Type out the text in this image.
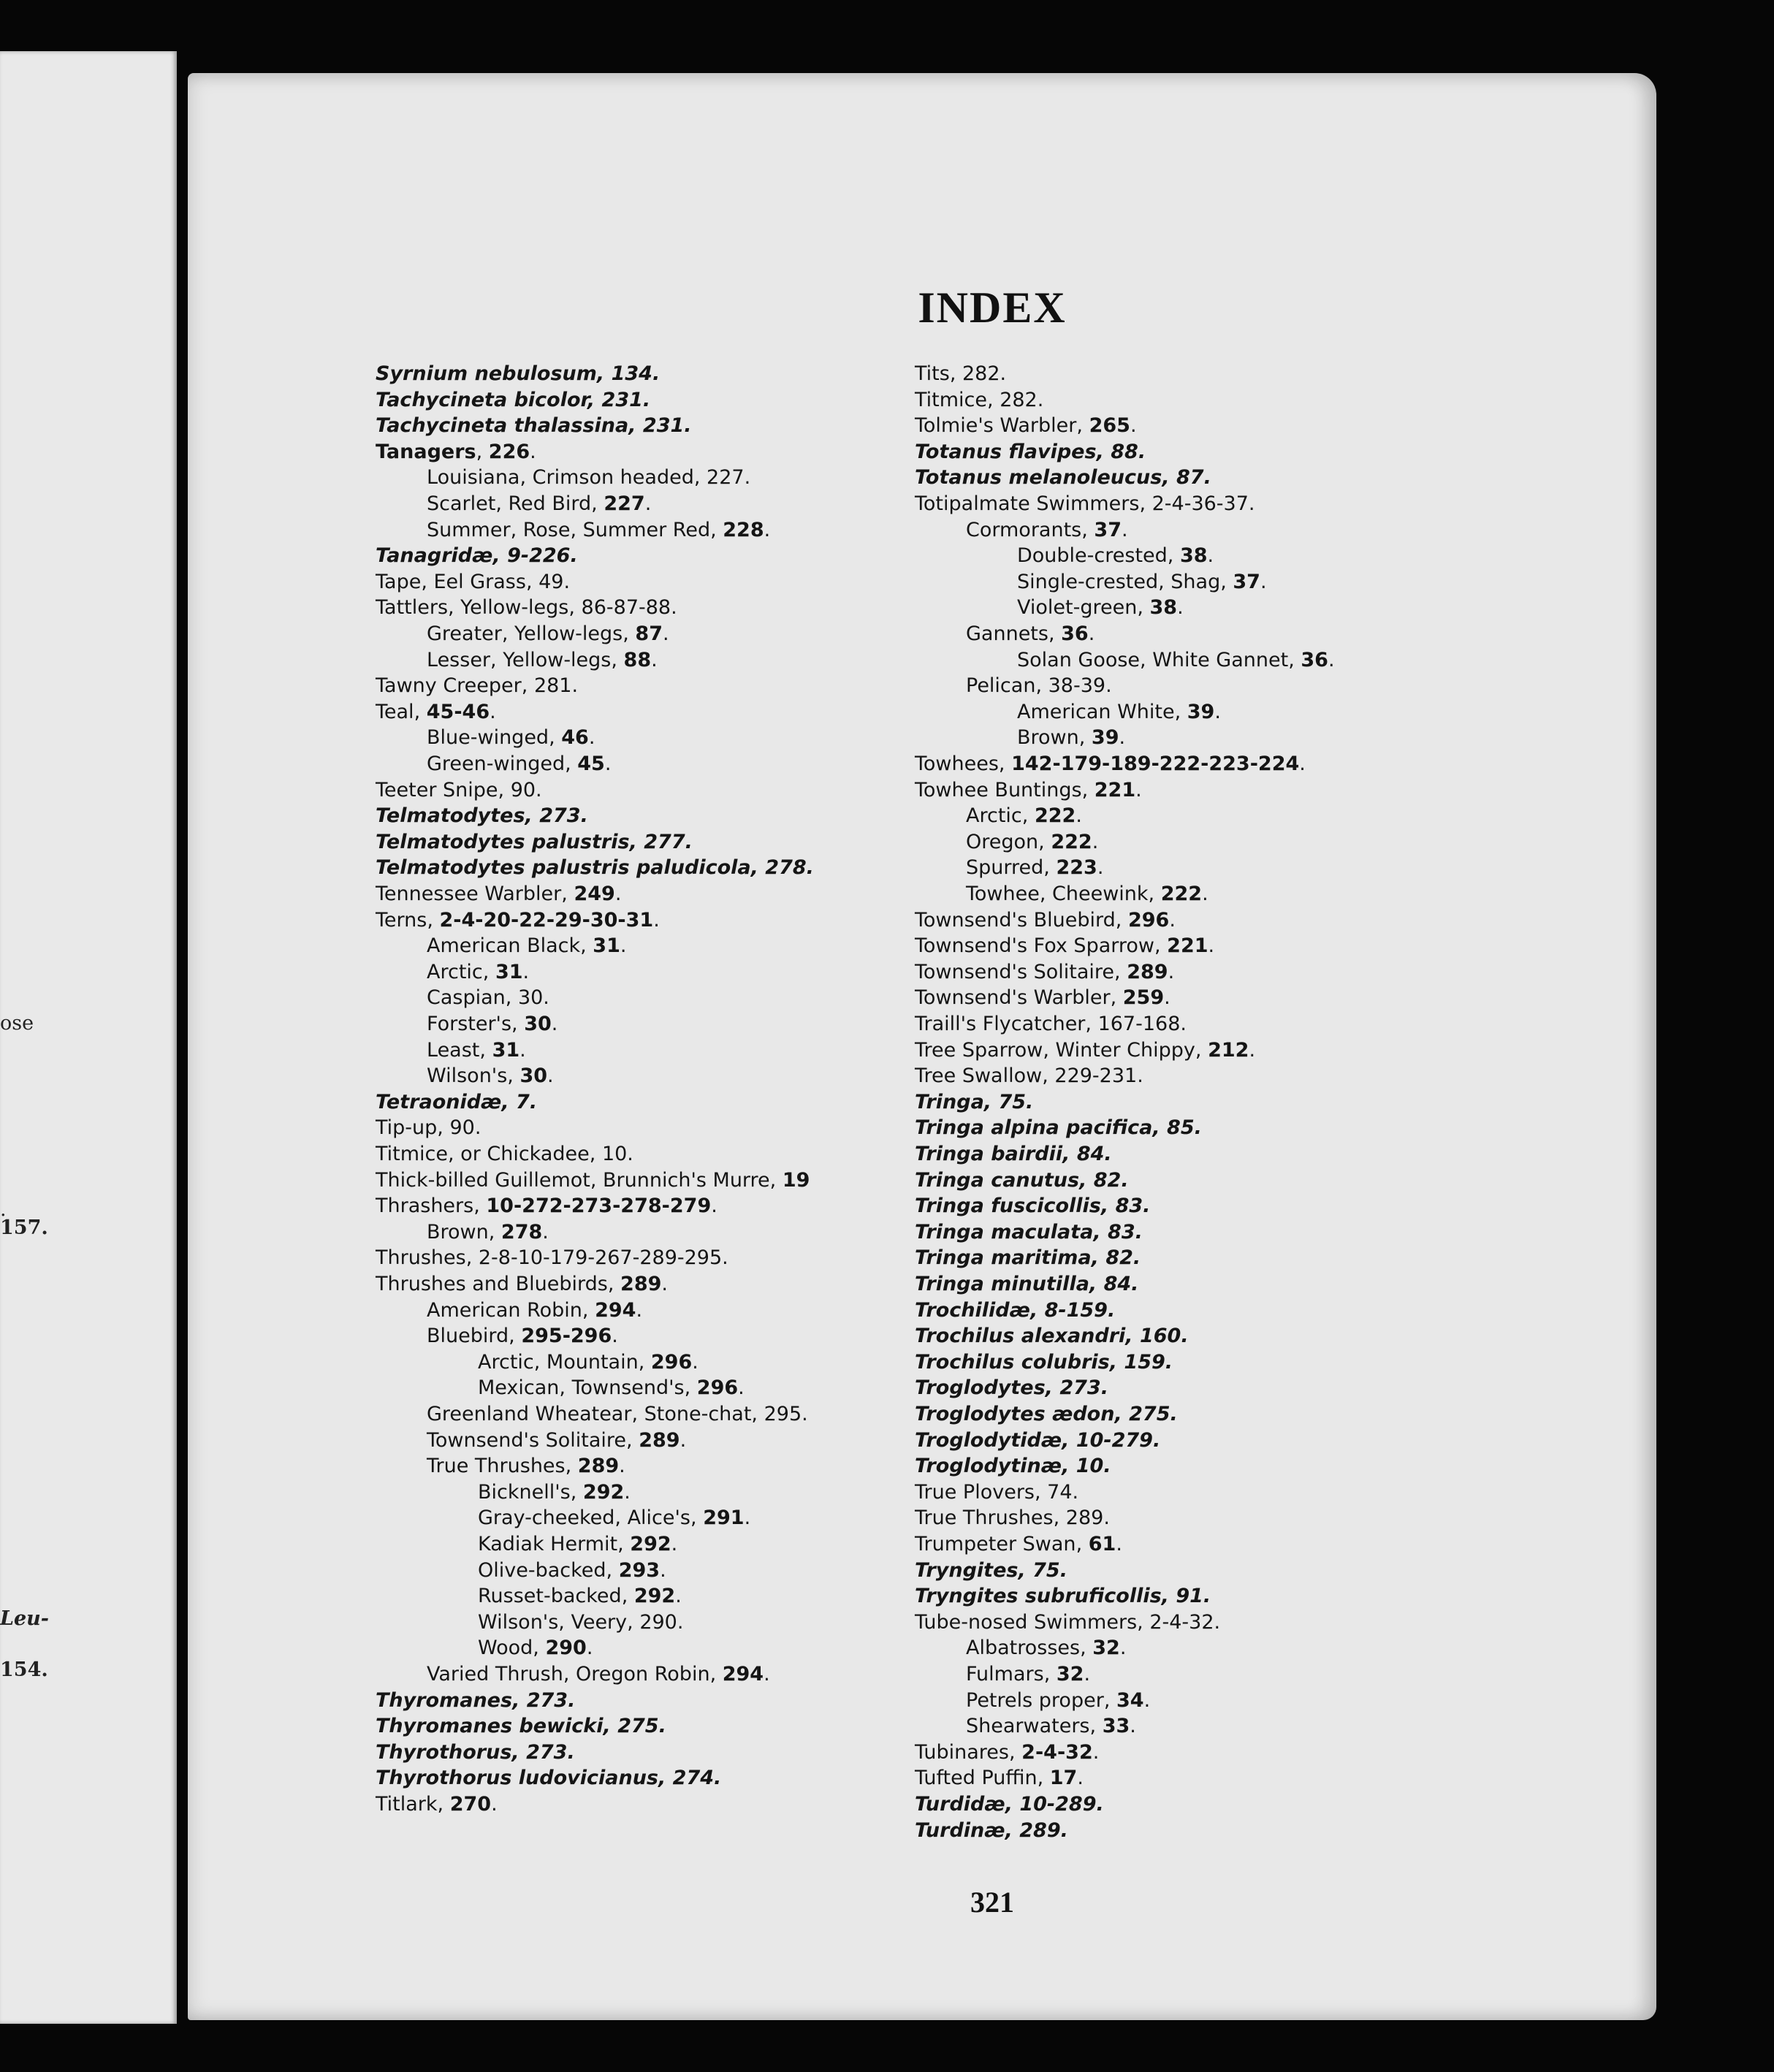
ose
.
157.
Leu-
154.
INDEX
Syrnium nebulosum, 134.
Tachycineta bicolor, 231.
Tachycineta thalassina, 231.
Tanagers, 226.
Louisiana, Crimson headed, 227.
Scarlet, Red Bird, 227.
Summer, Rose, Summer Red, 228.
Tanagridæ, 9-226.
Tape, Eel Grass, 49.
Tattlers, Yellow-legs, 86-87-88.
Greater, Yellow-legs, 87.
Lesser, Yellow-legs, 88.
Tawny Creeper, 281.
Teal, 45-46.
Blue-winged, 46.
Green-winged, 45.
Teeter Snipe, 90.
Telmatodytes, 273.
Telmatodytes palustris, 277.
Telmatodytes palustris paludicola, 278.
Tennessee Warbler, 249.
Terns, 2-4-20-22-29-30-31.
American Black, 31.
Arctic, 31.
Caspian, 30.
Forster's, 30.
Least, 31.
Wilson's, 30.
Tetraonidæ, 7.
Tip-up, 90.
Titmice, or Chickadee, 10.
Thick-billed Guillemot, Brunnich's Murre, 19
Thrashers, 10-272-273-278-279.
Brown, 278.
Thrushes, 2-8-10-179-267-289-295.
Thrushes and Bluebirds, 289.
American Robin, 294.
Bluebird, 295-296.
Arctic, Mountain, 296.
Mexican, Townsend's, 296.
Greenland Wheatear, Stone-chat, 295.
Townsend's Solitaire, 289.
True Thrushes, 289.
Bicknell's, 292.
Gray-cheeked, Alice's, 291.
Kadiak Hermit, 292.
Olive-backed, 293.
Russet-backed, 292.
Wilson's, Veery, 290.
Wood, 290.
Varied Thrush, Oregon Robin, 294.
Thyromanes, 273.
Thyromanes bewicki, 275.
Thyrothorus, 273.
Thyrothorus ludovicianus, 274.
Titlark, 270.
Tits, 282.
Titmice, 282.
Tolmie's Warbler, 265.
Totanus flavipes, 88.
Totanus melanoleucus, 87.
Totipalmate Swimmers, 2-4-36-37.
Cormorants, 37.
Double-crested, 38.
Single-crested, Shag, 37.
Violet-green, 38.
Gannets, 36.
Solan Goose, White Gannet, 36.
Pelican, 38-39.
American White, 39.
Brown, 39.
Towhees, 142-179-189-222-223-224.
Towhee Buntings, 221.
Arctic, 222.
Oregon, 222.
Spurred, 223.
Towhee, Cheewink, 222.
Townsend's Bluebird, 296.
Townsend's Fox Sparrow, 221.
Townsend's Solitaire, 289.
Townsend's Warbler, 259.
Traill's Flycatcher, 167-168.
Tree Sparrow, Winter Chippy, 212.
Tree Swallow, 229-231.
Tringa, 75.
Tringa alpina pacifica, 85.
Tringa bairdii, 84.
Tringa canutus, 82.
Tringa fuscicollis, 83.
Tringa maculata, 83.
Tringa maritima, 82.
Tringa minutilla, 84.
Trochilidæ, 8-159.
Trochilus alexandri, 160.
Trochilus colubris, 159.
Troglodytes, 273.
Troglodytes ædon, 275.
Troglodytidæ, 10-279.
Troglodytinæ, 10.
True Plovers, 74.
True Thrushes, 289.
Trumpeter Swan, 61.
Tryngites, 75.
Tryngites subruficollis, 91.
Tube-nosed Swimmers, 2-4-32.
Albatrosses, 32.
Fulmars, 32.
Petrels proper, 34.
Shearwaters, 33.
Tubinares, 2-4-32.
Tufted Puffin, 17.
Turdidæ, 10-289.
Turdinæ, 289.
321
